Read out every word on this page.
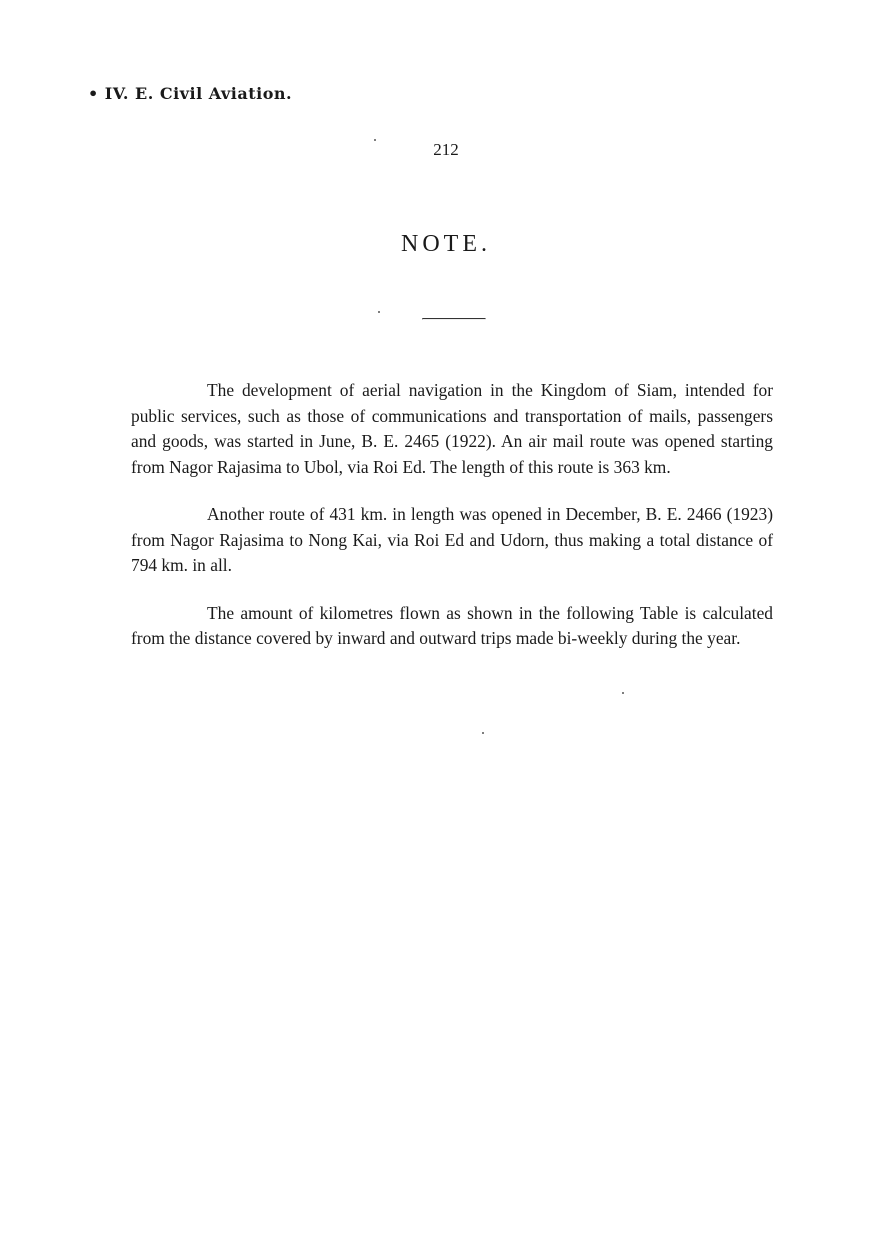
• IV. E. Civil Aviation.
212
NOTE.

The development of aerial navigation in the Kingdom of Siam, intended for public services, such as those of communications and transportation of mails, passengers and goods, was started in June, B. E. 2465 (1922). An air mail route was opened starting from Nagor Rajasima to Ubol, via Roi Ed. The length of this route is 363 km.

Another route of 431 km. in length was opened in December, B. E. 2466 (1923) from Nagor Rajasima to Nong Kai, via Roi Ed and Udorn, thus making a total distance of 794 km. in all.

The amount of kilometres flown as shown in the following Table is calculated from the distance covered by inward and outward trips made bi-weekly during the year.
